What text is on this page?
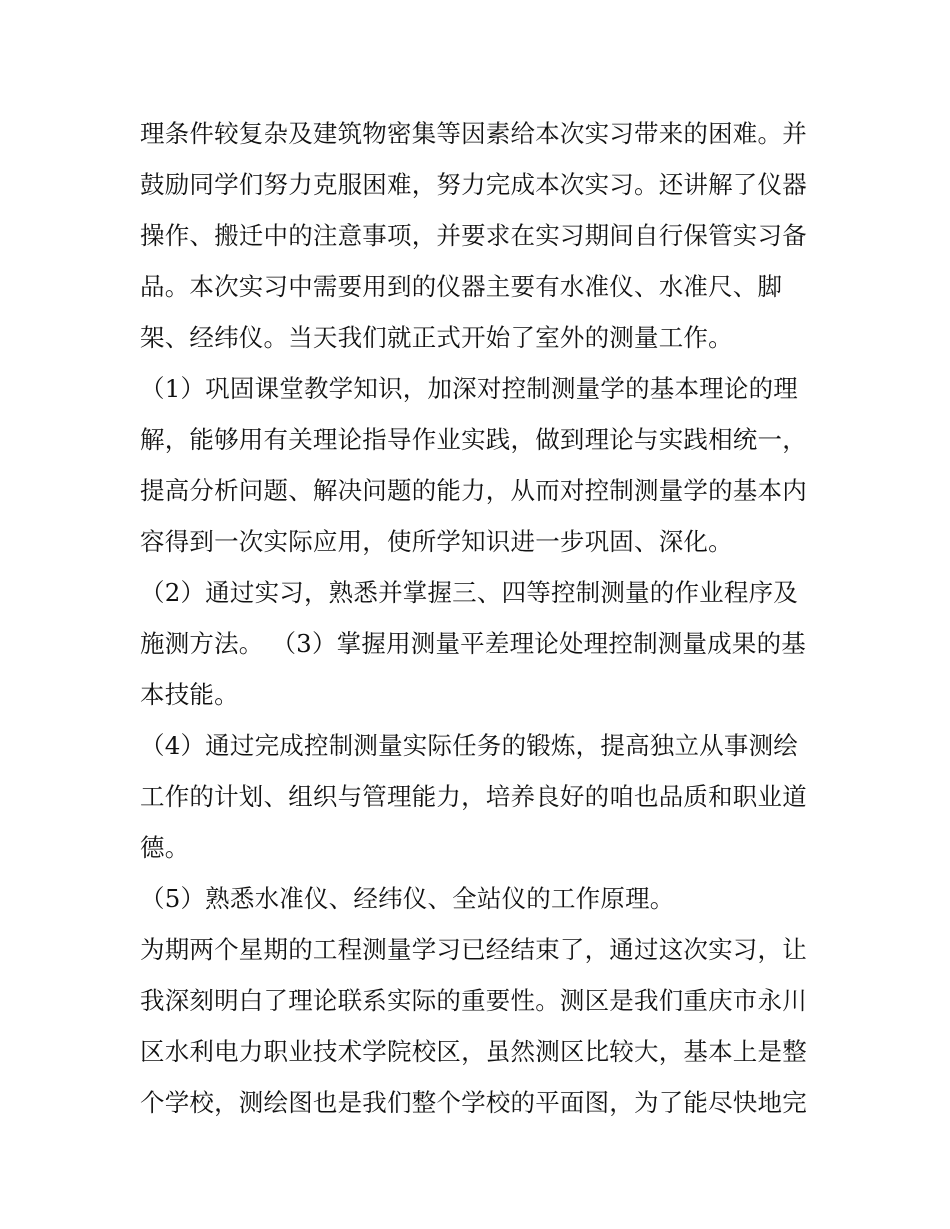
理条件较复杂及建筑物密集等因素给本次实习带来的困难。并
鼓励同学们努力克服困难，努力完成本次实习。还讲解了仪器
操作、搬迁中的注意事项，并要求在实习期间自行保管实习备
品。本次实习中需要用到的仪器主要有水准仪、水准尺、脚
架、经纬仪。当天我们就正式开始了室外的测量工作。
（1）巩固课堂教学知识，加深对控制测量学的基本理论的理
解，能够用有关理论指导作业实践，做到理论与实践相统一，
提高分析问题、解决问题的能力，从而对控制测量学的基本内
容得到一次实际应用，使所学知识进一步巩固、深化。
（2）通过实习，熟悉并掌握三、四等控制测量的作业程序及
施测方法。 （3）掌握用测量平差理论处理控制测量成果的基
本技能。
（4）通过完成控制测量实际任务的锻炼，提高独立从事测绘
工作的计划、组织与管理能力，培养良好的咱也品质和职业道
德。
（5）熟悉水准仪、经纬仪、全站仪的工作原理。
为期两个星期的工程测量学习已经结束了，通过这次实习，让
我深刻明白了理论联系实际的重要性。测区是我们重庆市永川
区水利电力职业技术学院校区，虽然测区比较大，基本上是整
个学校，测绘图也是我们整个学校的平面图，为了能尽快地完
